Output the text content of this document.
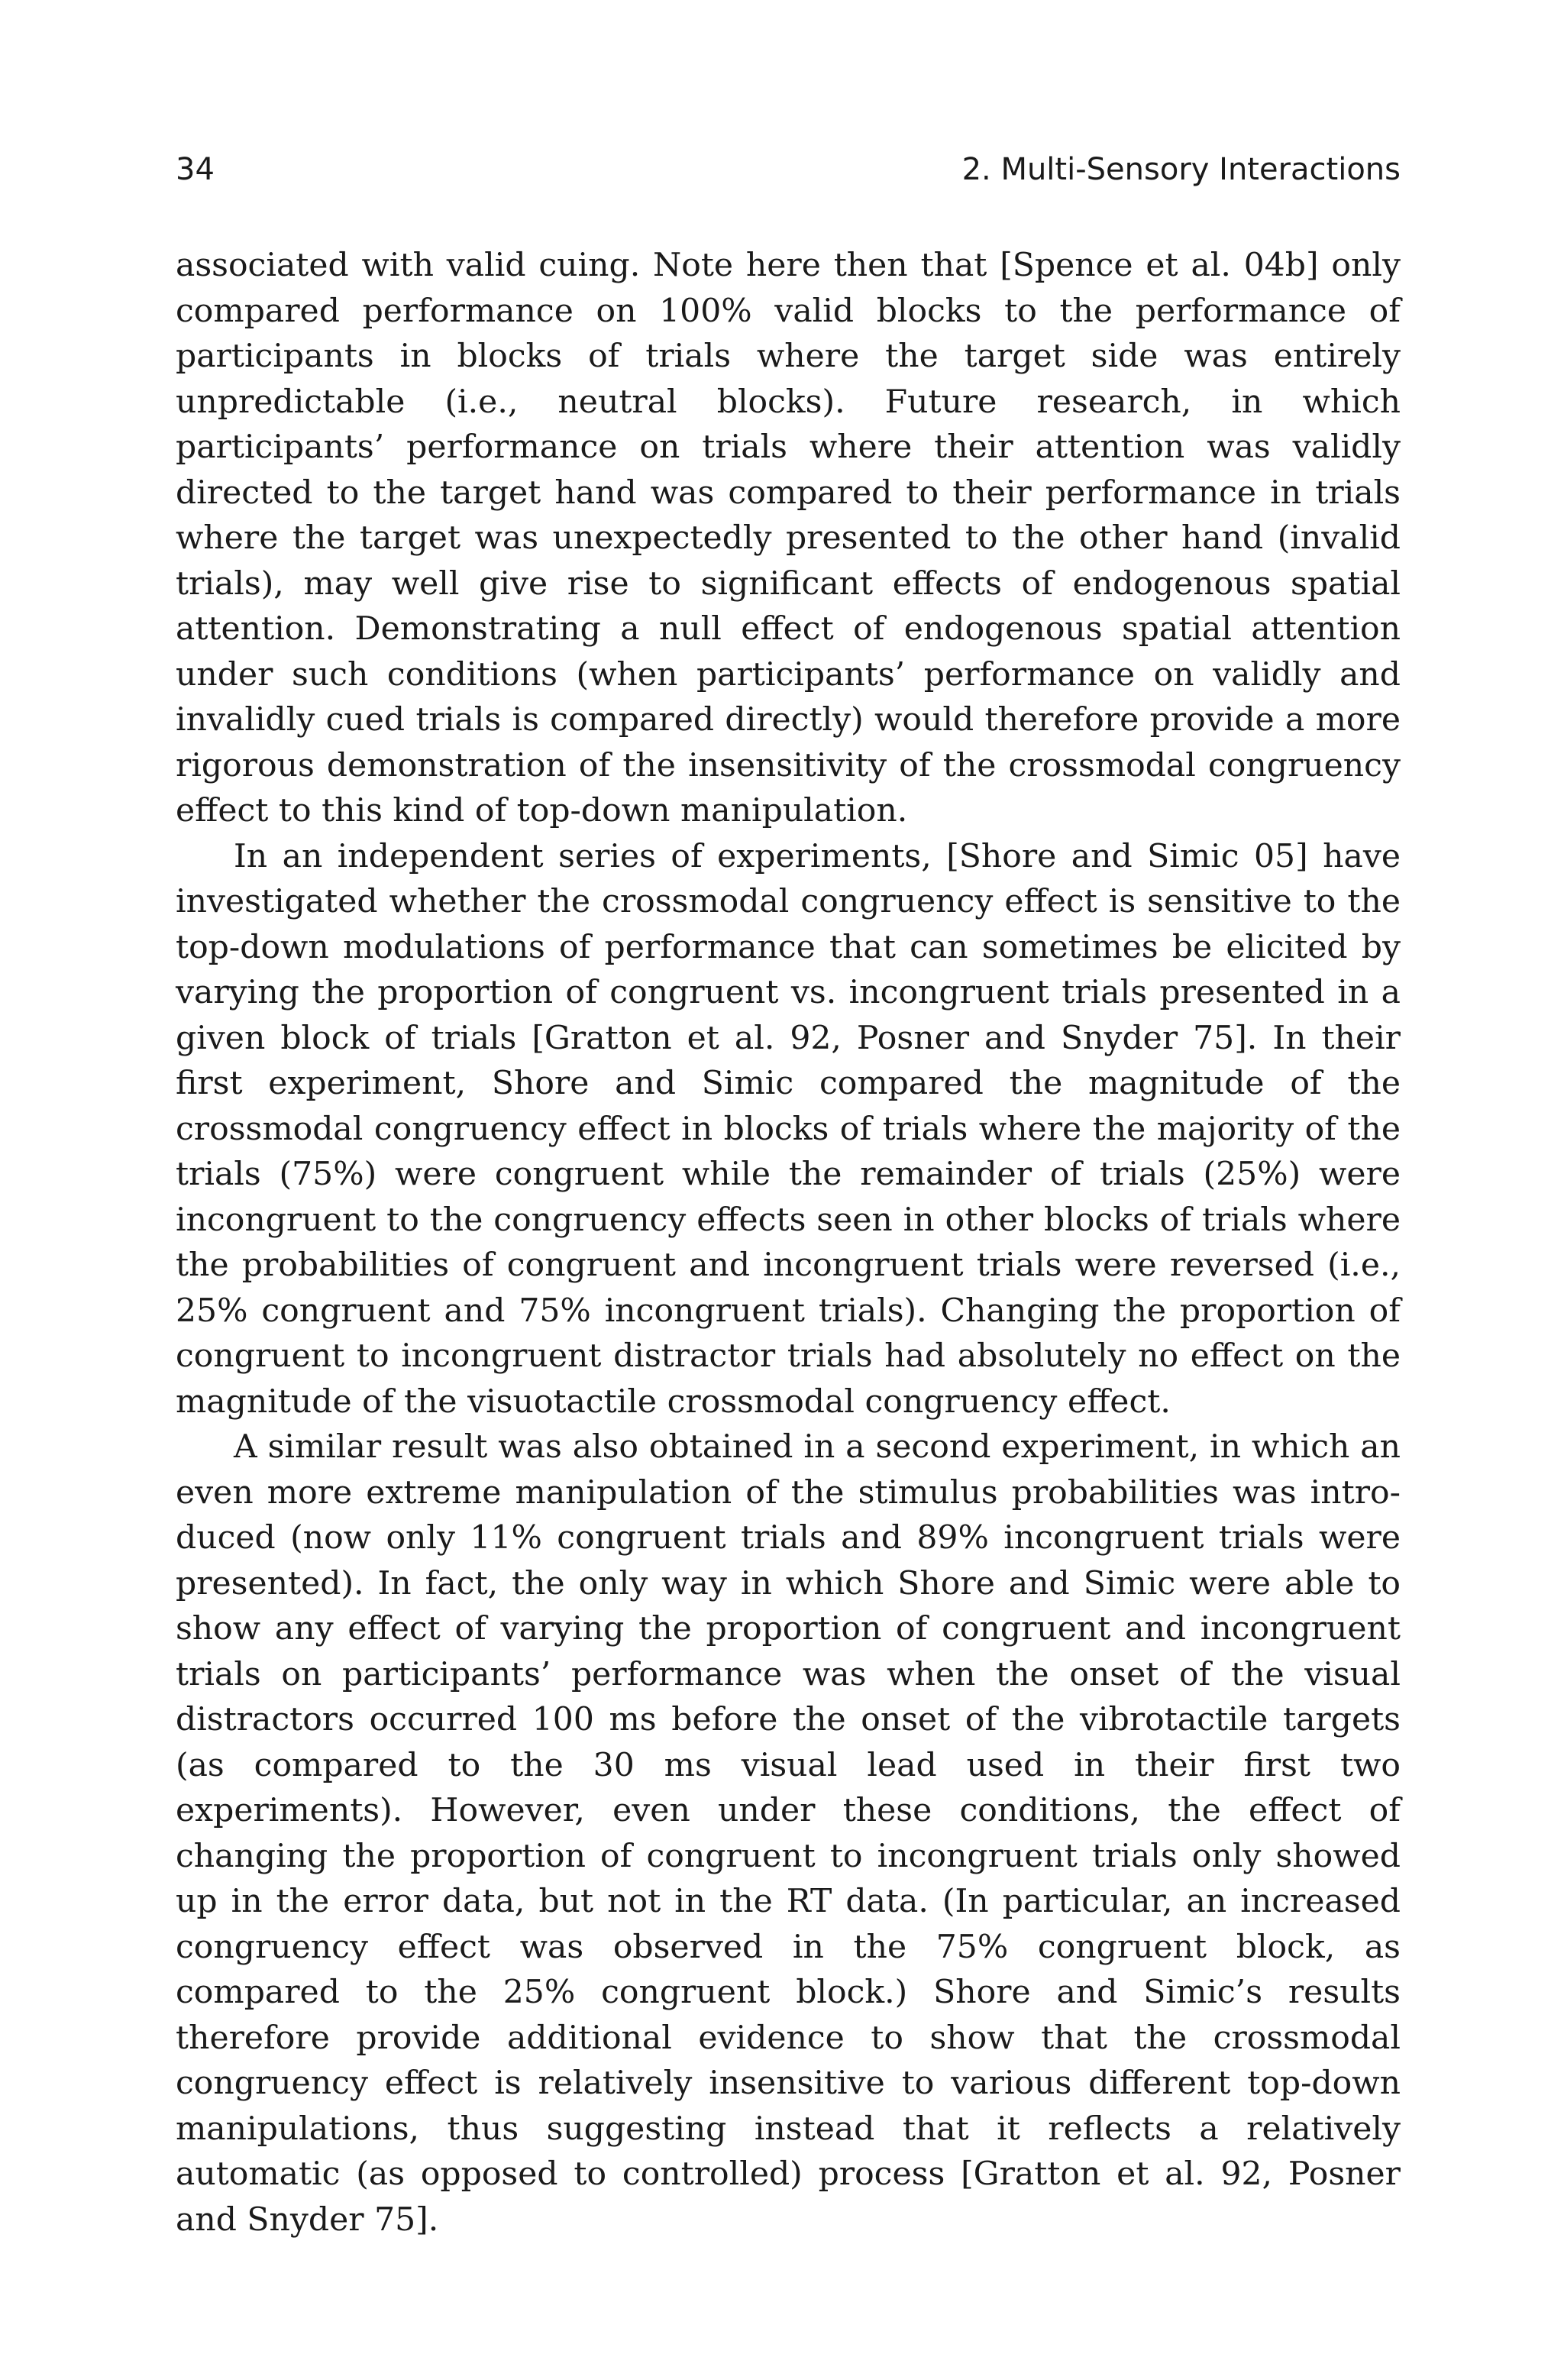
34	2. Multi-Sensory Interactions

associated with valid cuing. Note here then that [Spence et al. 04b] only compared performance on 100% valid blocks to the performance of participants in blocks of trials where the target side was entirely unpredictable (i.e., neutral blocks). Future research, in which participants’ performance on trials where their attention was validly directed to the target hand was compared to their performance in trials where the target was unexpectedly presented to the other hand (invalid trials), may well give rise to significant effects of endogenous spatial attention. Demonstrating a null effect of endogenous spatial attention under such conditions (when participants’ performance on validly and invalidly cued trials is compared directly) would therefore provide a more rigorous demonstration of the insensitivity of the crossmodal congruency effect to this kind of top-down manipulation.

In an independent series of experiments, [Shore and Simic 05] have investigated whether the crossmodal congruency effect is sensitive to the top-down modulations of performance that can sometimes be elicited by varying the proportion of congruent vs. incongruent trials presented in a given block of trials [Gratton et al. 92, Posner and Snyder 75]. In their first experiment, Shore and Simic compared the magnitude of the crossmodal congruency effect in blocks of trials where the majority of the trials (75%) were congruent while the remainder of trials (25%) were incongruent to the congruency effects seen in other blocks of trials where the probabilities of congruent and incongruent trials were reversed (i.e., 25% congruent and 75% incongruent trials). Changing the proportion of congruent to incongruent distractor trials had absolutely no effect on the magnitude of the visuotactile crossmodal congruency effect.

A similar result was also obtained in a second experiment, in which an even more extreme manipulation of the stimulus probabilities was introduced (now only 11% congruent trials and 89% incongruent trials were presented). In fact, the only way in which Shore and Simic were able to show any effect of varying the proportion of congruent and incongruent trials on participants’ performance was when the onset of the visual distractors occurred 100 ms before the onset of the vibrotactile targets (as compared to the 30 ms visual lead used in their first two experiments). However, even under these conditions, the effect of changing the proportion of congruent to incongruent trials only showed up in the error data, but not in the RT data. (In particular, an increased congruency effect was observed in the 75% congruent block, as compared to the 25% congruent block.) Shore and Simic’s results therefore provide additional evidence to show that the crossmodal congruency effect is relatively insensitive to various different top-down manipulations, thus suggesting instead that it reflects a relatively automatic (as opposed to controlled) process [Gratton et al. 92, Posner and Snyder 75].
